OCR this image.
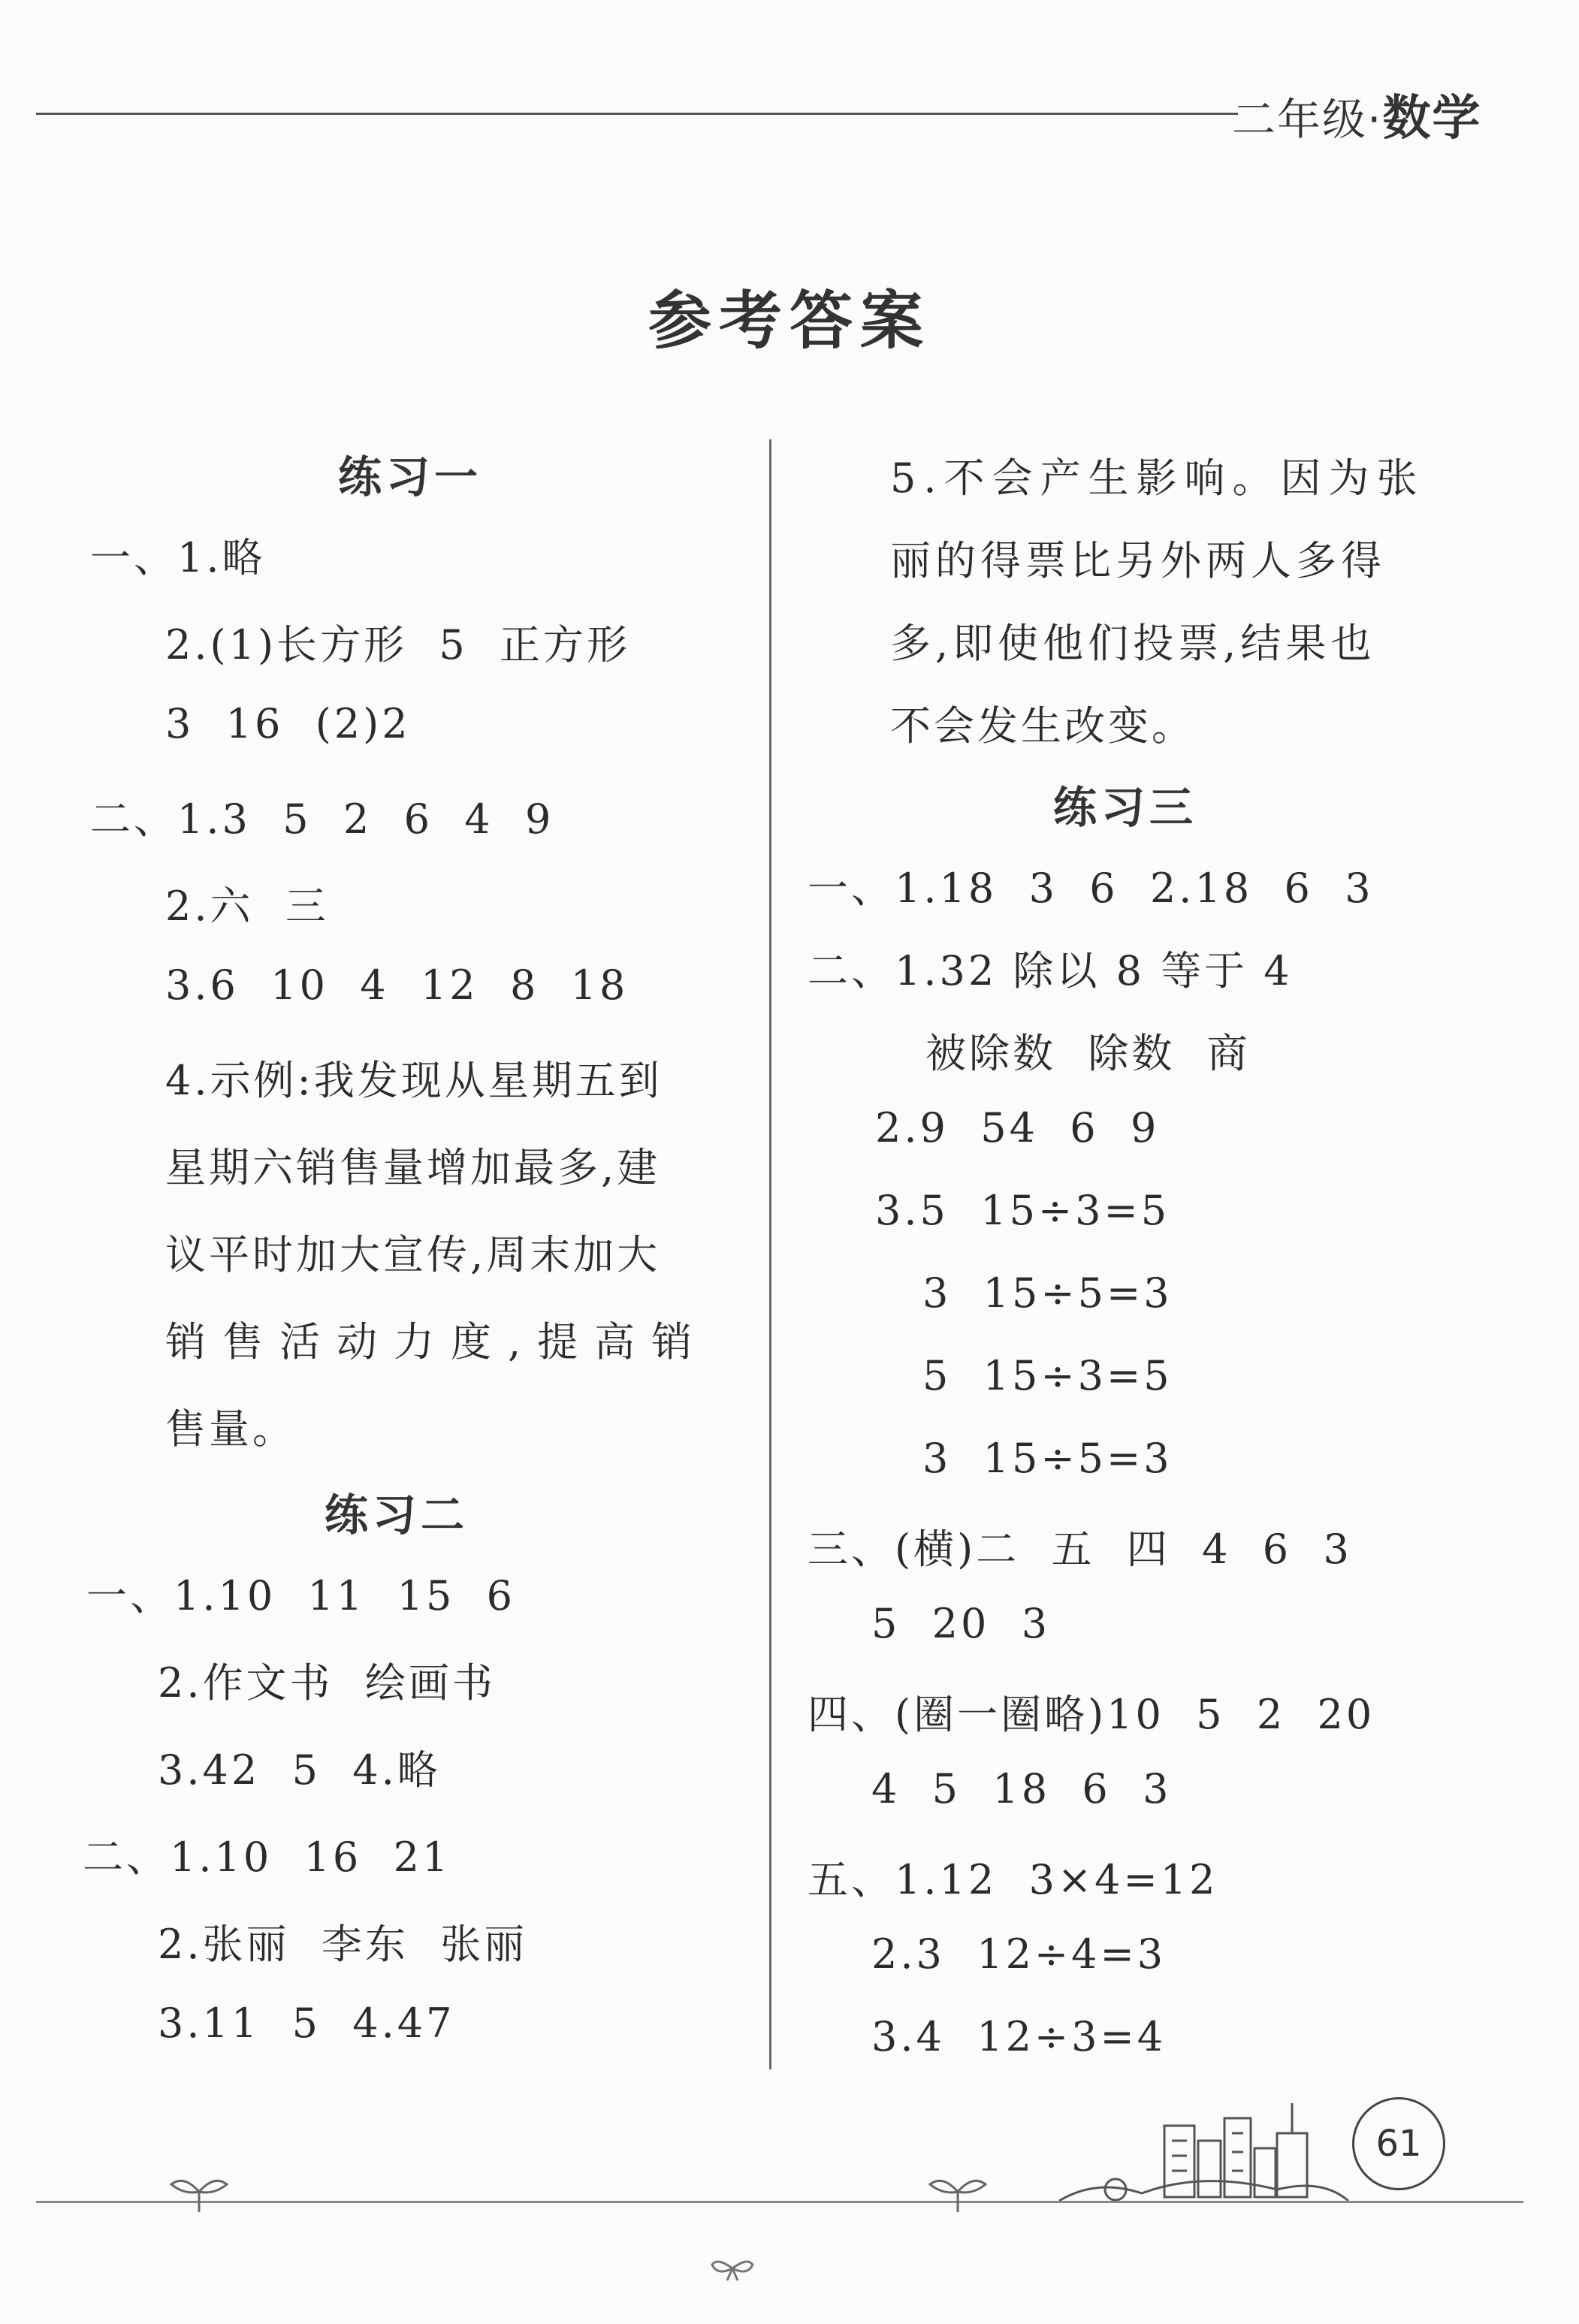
二年级·数学
参考答案
练习一
一、1.略
2.(1)长方形  5  正方形
3  16  (2)2
二、1.3  5  2  6  4  9
2.六  三
3.6  10  4  12  8  18
4.示例:我发现从星期五到
星期六销售量增加最多,建
议平时加大宣传,周末加大
销售活动力度,提高销
售量。
练习二
一、1.10  11  15  6
2.作文书  绘画书
3.42  5  4.略
二、1.10  16  21
2.张丽  李东  张丽
3.11  5  4.47
5.不会产生影响。因为张
丽的得票比另外两人多得
多,即使他们投票,结果也
不会发生改变。
练习三
一、1.18  3  6  2.18  6  3
二、1.32 除以 8 等于 4
被除数  除数  商
2.9  54  6  9
3.5  15÷3=5
3  15÷5=3
5  15÷3=5
3  15÷5=3
三、(横)二  五  四  4  6  3
5  20  3
四、(圈一圈略)10  5  2  20
4  5  18  6  3
五、1.12  3×4=12
2.3  12÷4=3
3.4  12÷3=4
61
